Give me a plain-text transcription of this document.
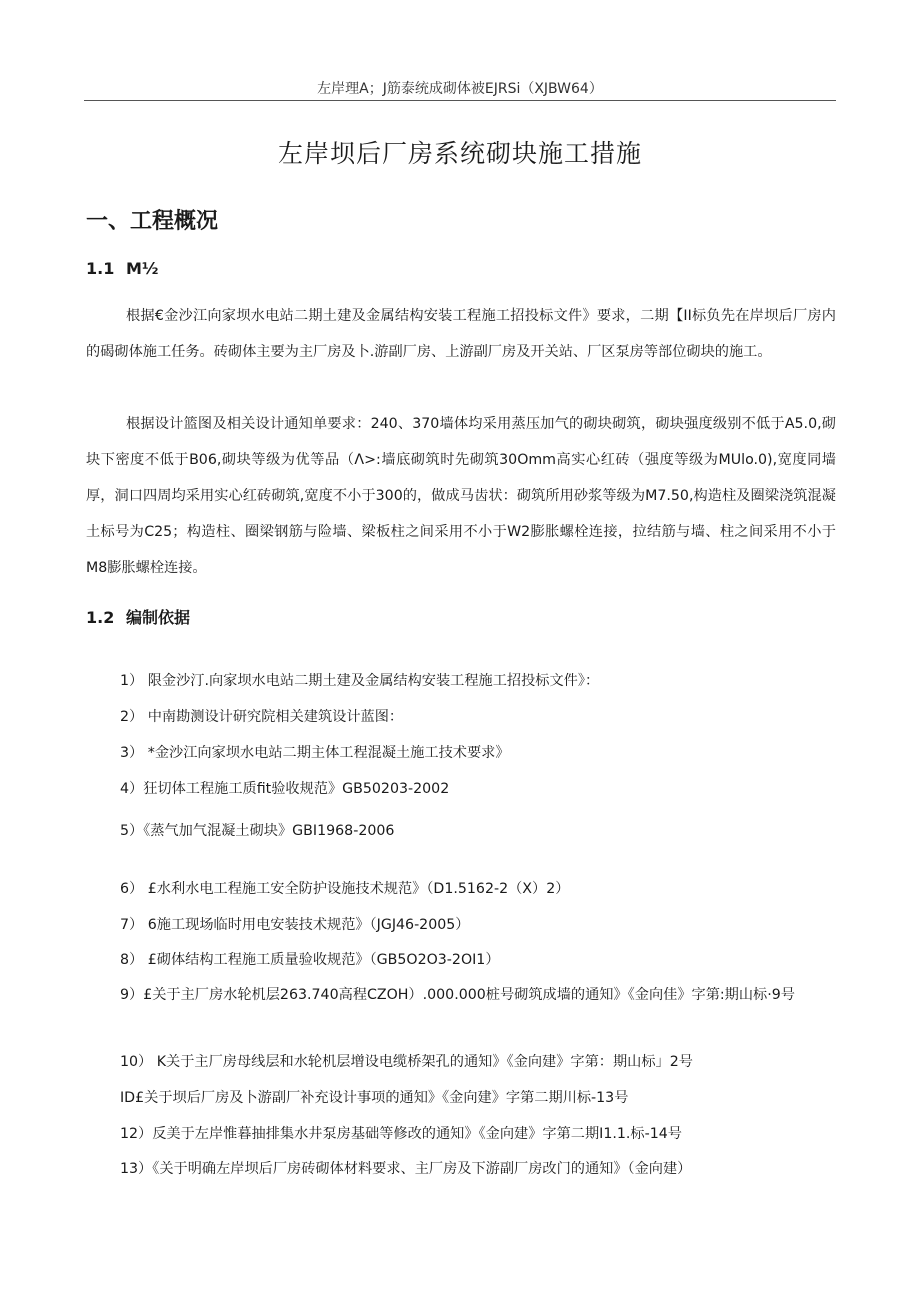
左岸理A；J筋泰统成砌体被EJRSi（XJBW64）
左岸坝后厂房系统砌块施工措施
一、工程概况
1.1 M½

根据€金沙江向家坝水电站二期土建及金属结构安装工程施工招投标文件》要求，二期【II标负先在岸坝后厂房内的碣砌体施工任务。砖砌体主要为主厂房及卜.游副厂房、上游副厂房及开关站、厂区泵房等部位砌块的施工。

根据设计篮图及相关设计通知单要求：240、370墙体均采用蒸压加气的砌块砌筑，砌块强度级别不低于A5.0,砌块下密度不低于B06,砌块等级为优等品（Λ>:墙底砌筑时先砌筑30Omm高实心红砖（强度等级为MUlo.0),宽度同墙厚，洞口四周均采用实心红砖砌筑,宽度不小于300的，做成马齿状：砌筑所用砂浆等级为M7.50,构造柱及圈梁浇筑混凝土标号为C25；构造柱、圈梁钢筋与险墙、梁板柱之间采用不小于W2膨胀螺栓连接，拉结筋与墙、柱之间采用不小于M8膨胀螺栓连接。

1.2 编制依据
1） 限金沙汀.向家坝水电站二期土建及金属结构安装工程施工招投标文件》：
2） 中南勘测设计研究院相关建筑设计蓝图：
3） *金沙江向家坝水电站二期主体工程混凝土施工技术要求》
4）狂切体工程施工质fit验收规范》GB50203-2002
5）《蒸气加气混凝土砌块》GBI1968-2006
6） £水利水电工程施工安全防护设施技术规范》（D1.5162-2（X）2）
7） 6施工现场临时用电安装技术规范》（JGJ46-2005）
8） £砌体结构工程施工质量验收规范》（GB5O2O3-2OI1）
9）£关于主厂房水轮机层263.740高程CZOH）.000.000桩号砌筑成墙的通知》《金向佳》字第:期山标·9号
10） K关于主厂房母线层和水轮机层增设电缆桥架孔的通知》《金向建》字第：期山标」2号
ID£关于坝后厂房及卜游副厂补充设计事项的通知》《金向建》字第二期川标-13号
12）反美于左岸惟暮抽排集水井泵房基础等修改的通知》《金向建》字第二期I1.1.标-14号
13）《关于明确左岸坝后厂房砖砌体材料要求、主厂房及下游副厂房改门的通知》（金向建）
